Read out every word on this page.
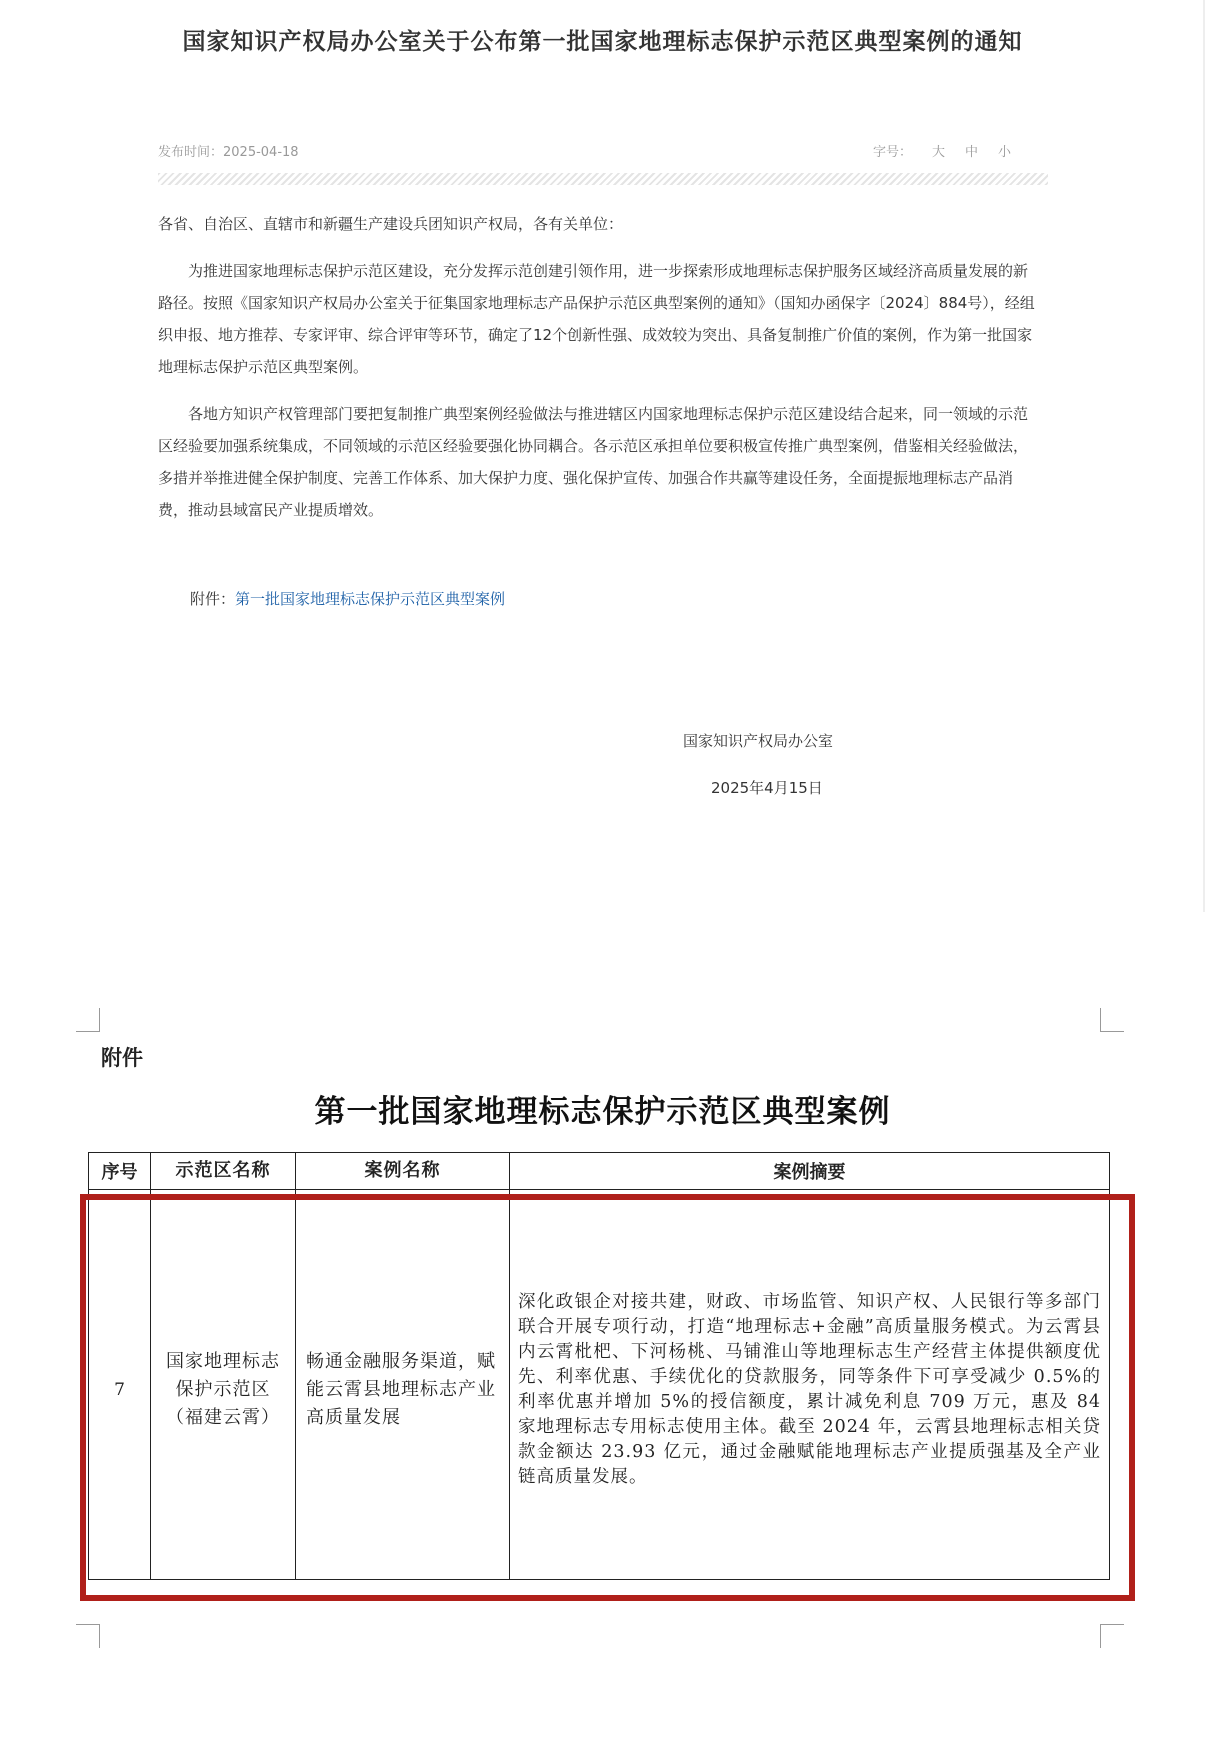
国家知识产权局办公室关于公布第一批国家地理标志保护示范区典型案例的通知
发布时间：2025-04-18	字号： 大 中 小

各省、自治区、直辖市和新疆生产建设兵团知识产权局，各有关单位：

为推进国家地理标志保护示范区建设，充分发挥示范创建引领作用，进一步探索形成地理标志保护服务区域经济高质量发展的新路径。按照《国家知识产权局办公室关于征集国家地理标志产品保护示范区典型案例的通知》（国知办函保字〔2024〕884号），经组织申报、地方推荐、专家评审、综合评审等环节，确定了12个创新性强、成效较为突出、具备复制推广价值的案例，作为第一批国家地理标志保护示范区典型案例。

各地方知识产权管理部门要把复制推广典型案例经验做法与推进辖区内国家地理标志保护示范区建设结合起来，同一领域的示范区经验要加强系统集成，不同领域的示范区经验要强化协同耦合。各示范区承担单位要积极宣传推广典型案例，借鉴相关经验做法，多措并举推进健全保护制度、完善工作体系、加大保护力度、强化保护宣传、加强合作共赢等建设任务，全面提振地理标志产品消费，推动县域富民产业提质增效。

附件：第一批国家地理标志保护示范区典型案例
国家知识产权局办公室
2025年4月15日
附件
第一批国家地理标志保护示范区典型案例
序号	示范区名称	案例名称	案例摘要

7	国家地理标志保护示范区（福建云霄）	畅通金融服务渠道，赋能云霄县地理标志产业高质量发展	深化政银企对接共建，财政、市场监管、知识产权、人民银行等多部门联合开展专项行动，打造“地理标志+金融”高质量服务模式。为云霄县内云霄枇杷、下河杨桃、马铺淮山等地理标志生产经营主体提供额度优先、利率优惠、手续优化的贷款服务，同等条件下可享受减少 0.5%的利率优惠并增加 5%的授信额度，累计减免利息 709 万元，惠及 84 家地理标志专用标志使用主体。截至 2024 年，云霄县地理标志相关贷款金额达 23.93 亿元，通过金融赋能地理标志产业提质强基及全产业链高质量发展。
